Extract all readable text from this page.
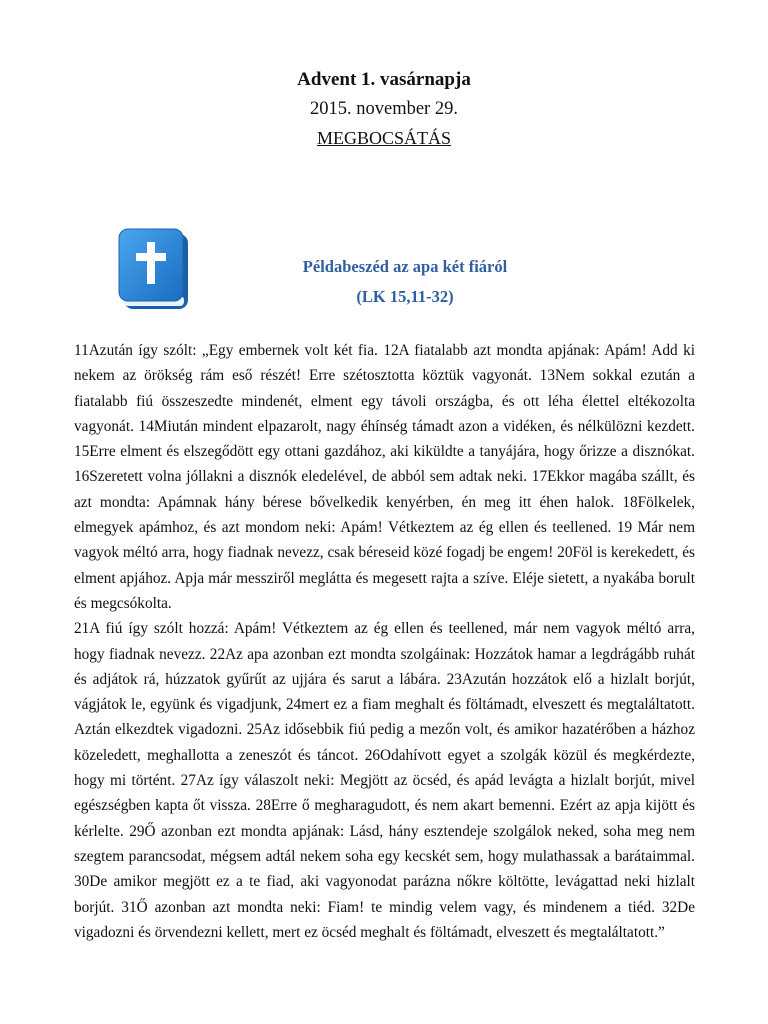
Advent 1. vasárnapja
2015. november 29.
MEGBOCSÁTÁS
Példabeszéd az apa két fiáról
(LK 15,11-32)

11Azután így szólt: „Egy embernek volt két fia. 12A fiatalabb azt mondta apjának: Apám! Add ki nekem az örökség rám eső részét! Erre szétosztotta köztük vagyonát. 13Nem sokkal ezután a fiatalabb fiú összeszedte mindenét, elment egy távoli országba, és ott léha élettel eltékozolta vagyonát. 14Miután mindent elpazarolt, nagy éhínség támadt azon a vidéken, és nélkülözni kezdett. 15Erre elment és elszegődött egy ottani gazdához, aki kiküldte a tanyájára, hogy őrizze a disznókat. 16Szeretett volna jóllakni a disznók eledelével, de abból sem adtak neki. 17Ekkor magába szállt, és azt mondta: Apámnak hány bérese bővelkedik kenyérben, én meg itt éhen halok. 18Fölkelek, elmegyek apámhoz, és azt mondom neki: Apám! Vétkeztem az ég ellen és teellened. 19 Már nem vagyok méltó arra, hogy fiadnak nevezz, csak béreseid közé fogadj be engem! 20Föl is kerekedett, és elment apjához. Apja már messziről meglátta és megesett rajta a szíve. Eléje sietett, a nyakába borult és megcsókolta.

21A fiú így szólt hozzá: Apám! Vétkeztem az ég ellen és teellened, már nem vagyok méltó arra, hogy fiadnak nevezz. 22Az apa azonban ezt mondta szolgáinak: Hozzátok hamar a legdrágább ruhát és adjátok rá, húzzatok gyűrűt az ujjára és sarut a lábára. 23Azután hozzátok elő a hizlalt borjút, vágjátok le, együnk és vigadjunk, 24mert ez a fiam meghalt és föltámadt, elveszett és megtaláltatott. Aztán elkezdtek vigadozni. 25Az idősebbik fiú pedig a mezőn volt, és amikor hazatérőben a házhoz közeledett, meghallotta a zeneszót és táncot. 26Odahívott egyet a szolgák közül és megkérdezte, hogy mi történt. 27Az így válaszolt neki: Megjött az öcséd, és apád levágta a hizlalt borjút, mivel egészségben kapta őt vissza. 28Erre ő megharagudott, és nem akart bemenni. Ezért az apja kijött és kérlelte. 29Ő azonban ezt mondta apjának: Lásd, hány esztendeje szolgálok neked, soha meg nem szegtem parancsodat, mégsem adtál nekem soha egy kecskét sem, hogy mulathassak a barátaimmal. 30De amikor megjött ez a te fiad, aki vagyonodat parázna nőkre költötte, levágattad neki hizlalt borjút. 31Ő azonban azt mondta neki: Fiam! te mindig velem vagy, és mindenem a tiéd. 32De vigadozni és örvendezni kellett, mert ez öcséd meghalt és föltámadt, elveszett és megtaláltatott.”
